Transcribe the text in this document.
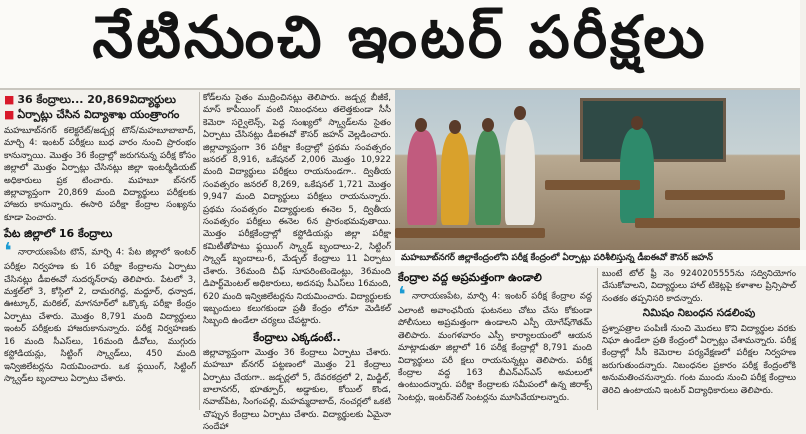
నేటినుంచి ఇంటర్ పరీక్షలు
■ 36 కేంద్రాలు... 20,869విద్యార్థులు
■ ఏర్పాట్లు చేసిన విద్యాశాఖ యంత్రాంగం
మహబూబ్‌నగర్ కలెక్టరేట్/జడ్చర్ల టౌన్/మహబూబాబాద్, మార్చి 4: ఇంటర్ పరీక్షలు బుధ వారం నుంచి ప్రారంభం కానున్నాయి. మొత్తం 36 కేంద్రాల్లో జరుగనున్న పరీక్ష కోసం జిల్లాలో మొత్తం ఏర్పాట్లు చేసినట్లు జిల్లా ఇంటర్మీడియట్ అధికారులు ప్రక టించారు. మహబూ బ్‌నగర్ జిల్లావ్యాప్తంగా 20,869 మంది విద్యార్థులు పరీక్షలకు హాజరు కానున్నారు. ఈసారి పరీక్షా కేంద్రాల సంఖ్యను కూడా పెంచారు.
పేట జిల్లాలో 16 కేంద్రాలు
❛ నారాయణపేట టౌన్, మార్చి 4: పేట జిల్లాలో ఇంటర్ పరీక్షల నిర్వహణ కు 16 పరీక్షా కేంద్రాలను ఏర్పాటు చేసినట్లు డీఐఈవో సుదర్శన్‌రావు తెలిపారు. పేటలో 3, మక్తల్‌లో 3, కోస్గిలో 2, దామరగిద్ద, మద్దూర్, ధన్వాడ, ఊట్కూర్, మరికల్, మాగనూర్‌లో ఒక్కొక్క పరీక్షా కేంద్రం ఏర్పాటు చేశారు. మొత్తం 8,791 మంది విద్యార్థులు ఇంటర్ పరీక్షలకు హాజరుకానున్నారు. పరీక్ష నిర్వహణకు 16 మంది సీఎస్‌లు, 16మంది డీవోలు, ముగ్గురు కస్టోడియన్లు, సిట్టింగ్ స్క్వాడ్‌లు, 450 మంది ఇన్విజిలేటర్లను నియమించారు. ఒక ఫ్లయింగ్, సిట్టింగ్ స్క్వాడ్‌ల బృందాలు ఏర్పాటు చేశారు.
కోడ్‌లను సైతం ముద్రించినట్లు తెలిపారు. జడ్చర్ల బీజీకే, మాస్ కాపీయింగ్ వంటి నిబంధనలు తలెత్తకుండా సీసీ కెమెరా సర్వైలెన్స్, పెద్ద సంఖ్యలో స్క్వాడ్‌లను సైతం ఏర్పాటు చేసినట్లు డీఐఈవో కౌసర్ జహన్ వెల్లడించారు. జిల్లావ్యాప్తంగా 36 పరీక్షా కేంద్రాల్లో ప్రథమ సంవత్సరం జనరల్ 8,916, ఒకేషనల్ 2,006 మొత్తం 10,922 మంది విద్యార్థులు పరీక్షలు రాయనుండగా.. ద్వితీయ సంవత్సరం జనరల్ 8,269, ఒకేషనల్ 1,721 మొత్తం 9,947 మంది విద్యార్థులు పరీక్షలు రాయనున్నారు. ప్రథమ సంవత్సరం విద్యార్థులకు ఈనెల 5, ద్వితీయ సంవత్సరం పరీక్షలు ఈనెల 6న ప్రారంభమవుతాయి. మొత్తం పరీక్షకేంద్రాల్లో కస్టోడియన్లు జిల్లా పరీక్షా కమిటీతోపాటు ఫ్లయింగ్ స్క్వాడ్ బృందాలు-2, సిట్టింగ్ స్క్వాడ్ బృందాలు-6, మేడ్చల్ కేంద్రాలు 11 ఏర్పాటు చేశారు. 36మంది చీఫ్ సూపరింటెండెంట్లు, 36మంది డిపార్ట్‌మెంటల్ అధికారులు, అదనపు సీఎస్‌లు 16మంది, 620 మంది ఇన్విజిలేటర్లను నియమించారు. విద్యార్థులకు ఇబ్బందులు కలుగకుండా ప్రతీ కేంద్రం లోనూ మెడికల్ సిబ్బంది ఉండేలా చర్యలు చేపట్టారు.
కేంద్రాలు ఎక్కడంటే..
జిల్లావ్యాప్తంగా మొత్తం 36 కేంద్రాలు ఏర్పాటు చేశారు. మహబూ బ్‌నగర్ పట్టణంలో మొత్తం 21 కేంద్రాలు ఏర్పాటు చేయగా.. జడ్చర్లలో 5, దేవరకద్రలో 2, మిడ్జిల్, బాలానగర్, భూత్పూర్, అడ్డాకుల, కోయిల్ కొండ, నవాబ్‌పేట, సింగంపల్లి, మహమ్మదాబాద్, నంచర్లలో ఒకటి చొప్పున కేంద్రాలు ఏర్పాటు చేశారు. విద్యార్థులకు ఏమైనా సందేహా
మహబూబ్‌నగర్ జిల్లాకేంద్రంలోని పరీక్ష కేంద్రంలో ఏర్పాట్లు పరిశీలిస్తున్న డీఐఈవో కౌసర్ జహన్
కేంద్రాల వద్ద అప్రమత్తంగా ఉండాలి
❛ నారాయణపేట, మార్చి 4: ఇంటర్ పరీక్ష కేంద్రాల వద్ద ఎలాంటి అవాంఛనీయ ఘటనలు చోటు చేసు కోకుండా పోలీసులు అప్రమత్తంగా ఉండాలని ఎస్పీ యోగేష్‌గౌతమ్ తెలిపారు. మంగళవారం ఎస్పీ కార్యాలయంలో ఆయన మాట్లాడుతూ జిల్లాలో 16 పరీక్ష కేంద్రాల్లో 8,791 మంది విద్యార్థులు పరీ క్షలు రాయనున్నట్లు తెలిపారు. పరీక్ష కేంద్రాల వద్ద 163 బీఎన్ఎస్ఎస్ అమలులో ఉంటుందన్నారు. పరీక్షా కేంద్రాలకు సమీపంలో ఉన్న జిరాక్స్ సెంటర్లు, ఇంటర్‌నెట్ సెంటర్లను మూసివేయాలన్నారు.
బుంటే టోల్ ఫ్రీ నెం 9240205555ను సద్వినియోగం చేసుకోవాలని, విద్యార్థులు హాల్ టికెట్లపై కళాశాల ప్రిన్సిపాల్ సంతకం తప్పనిసరి కాదన్నారు.
నిమిషం నిబంధన సడలింపు
ప్రశ్నాపత్రాల పంపిణీ నుంచి మొదలు కొని విద్యార్థుల వరకు నిఘా ఉండేలా ప్రతి కేంద్రంలో ఏర్పాట్లు చేశామన్నారు. పరీక్ష కేంద్రాల్లో సీసీ కెమెరాల పర్యవేక్షణలో పరీక్షల నిర్వహణ జరుగుతుందన్నారు. నిబంధనల ప్రకారం పరీక్ష కేంద్రంలోకి అనుమతించనున్నారు. గంట ముందు నుంచి పరీక్ష కేంద్రాలు తెరిచి ఉంటాయని ఇంటర్ విద్యాధికారులు తెలిపారు.
